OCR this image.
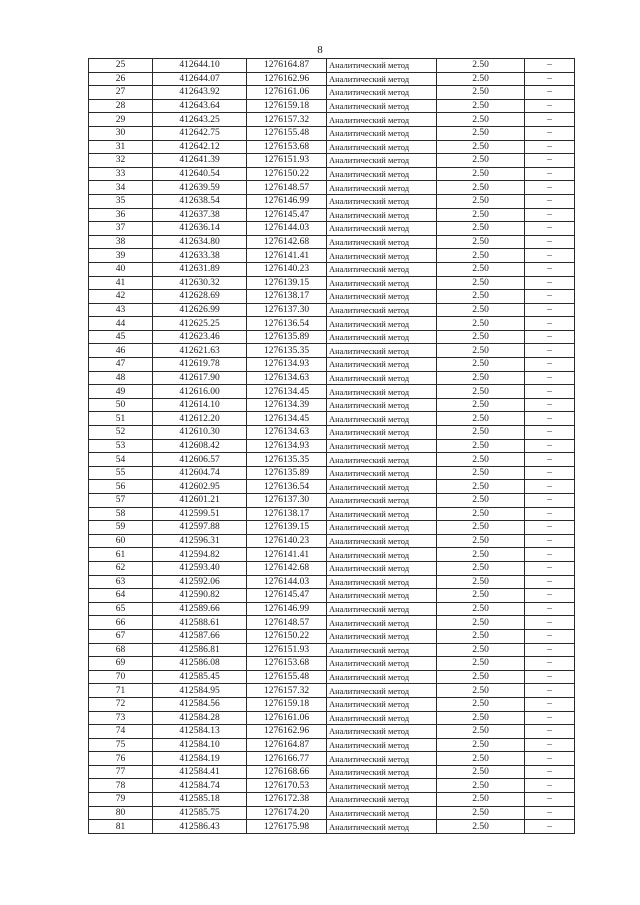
8
25	412644.10	1276164.87	Аналитический метод	2.50	–
26	412644.07	1276162.96	Аналитический метод	2.50	–
27	412643.92	1276161.06	Аналитический метод	2.50	–
28	412643.64	1276159.18	Аналитический метод	2.50	–
29	412643.25	1276157.32	Аналитический метод	2.50	–
30	412642.75	1276155.48	Аналитический метод	2.50	–
31	412642.12	1276153.68	Аналитический метод	2.50	–
32	412641.39	1276151.93	Аналитический метод	2.50	–
33	412640.54	1276150.22	Аналитический метод	2.50	–
34	412639.59	1276148.57	Аналитический метод	2.50	–
35	412638.54	1276146.99	Аналитический метод	2.50	–
36	412637.38	1276145.47	Аналитический метод	2.50	–
37	412636.14	1276144.03	Аналитический метод	2.50	–
38	412634.80	1276142.68	Аналитический метод	2.50	–
39	412633.38	1276141.41	Аналитический метод	2.50	–
40	412631.89	1276140.23	Аналитический метод	2.50	–
41	412630.32	1276139.15	Аналитический метод	2.50	–
42	412628.69	1276138.17	Аналитический метод	2.50	–
43	412626.99	1276137.30	Аналитический метод	2.50	–
44	412625.25	1276136.54	Аналитический метод	2.50	–
45	412623.46	1276135.89	Аналитический метод	2.50	–
46	412621.63	1276135.35	Аналитический метод	2.50	–
47	412619.78	1276134.93	Аналитический метод	2.50	–
48	412617.90	1276134.63	Аналитический метод	2.50	–
49	412616.00	1276134.45	Аналитический метод	2.50	–
50	412614.10	1276134.39	Аналитический метод	2.50	–
51	412612.20	1276134.45	Аналитический метод	2.50	–
52	412610.30	1276134.63	Аналитический метод	2.50	–
53	412608.42	1276134.93	Аналитический метод	2.50	–
54	412606.57	1276135.35	Аналитический метод	2.50	–
55	412604.74	1276135.89	Аналитический метод	2.50	–
56	412602.95	1276136.54	Аналитический метод	2.50	–
57	412601.21	1276137.30	Аналитический метод	2.50	–
58	412599.51	1276138.17	Аналитический метод	2.50	–
59	412597.88	1276139.15	Аналитический метод	2.50	–
60	412596.31	1276140.23	Аналитический метод	2.50	–
61	412594.82	1276141.41	Аналитический метод	2.50	–
62	412593.40	1276142.68	Аналитический метод	2.50	–
63	412592.06	1276144.03	Аналитический метод	2.50	–
64	412590.82	1276145.47	Аналитический метод	2.50	–
65	412589.66	1276146.99	Аналитический метод	2.50	–
66	412588.61	1276148.57	Аналитический метод	2.50	–
67	412587.66	1276150.22	Аналитический метод	2.50	–
68	412586.81	1276151.93	Аналитический метод	2.50	–
69	412586.08	1276153.68	Аналитический метод	2.50	–
70	412585.45	1276155.48	Аналитический метод	2.50	–
71	412584.95	1276157.32	Аналитический метод	2.50	–
72	412584.56	1276159.18	Аналитический метод	2.50	–
73	412584.28	1276161.06	Аналитический метод	2.50	–
74	412584.13	1276162.96	Аналитический метод	2.50	–
75	412584.10	1276164.87	Аналитический метод	2.50	–
76	412584.19	1276166.77	Аналитический метод	2.50	–
77	412584.41	1276168.66	Аналитический метод	2.50	–
78	412584.74	1276170.53	Аналитический метод	2.50	–
79	412585.18	1276172.38	Аналитический метод	2.50	–
80	412585.75	1276174.20	Аналитический метод	2.50	–
81	412586.43	1276175.98	Аналитический метод	2.50	–
